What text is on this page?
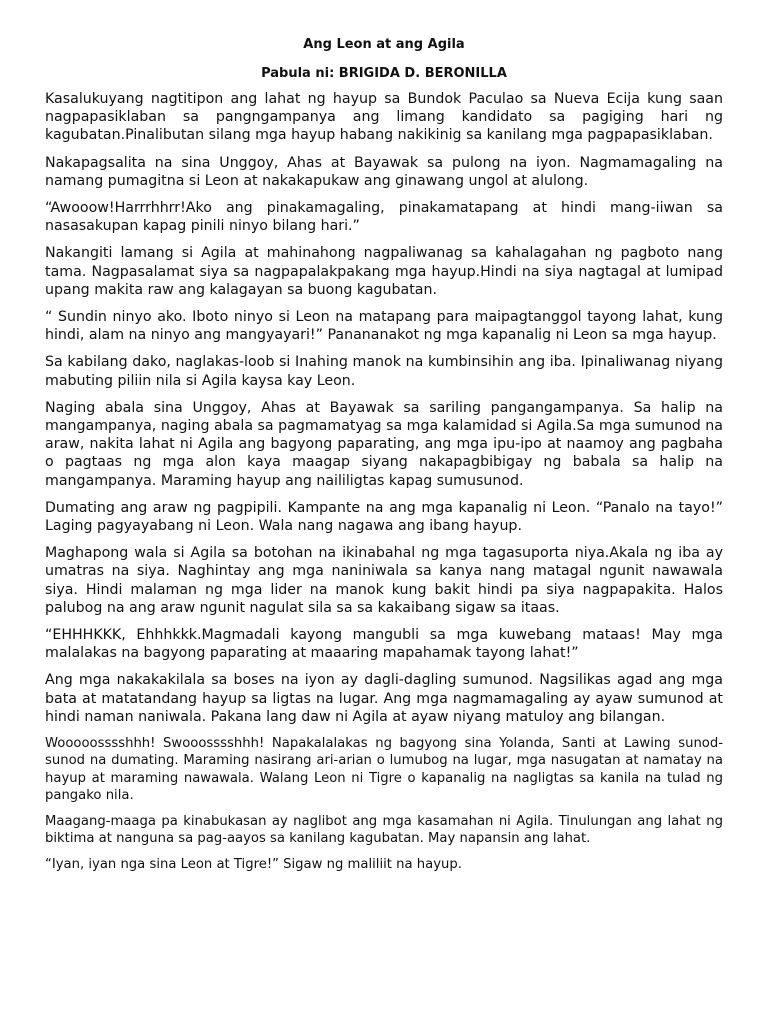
Ang Leon at ang Agila
Pabula ni: BRIGIDA D. BERONILLA

Kasalukuyang nagtitipon ang lahat ng hayup sa Bundok Paculao sa Nueva Ecija kung saan nagpapasiklaban sa pangngampanya ang limang kandidato sa pagiging hari ng kagubatan.Pinalibutan silang mga hayup habang nakikinig sa kanilang mga pagpapasiklaban.

Nakapagsalita na sina Unggoy, Ahas at Bayawak sa pulong na iyon. Nagmamagaling na namang pumagitna si Leon at nakakapukaw ang ginawang ungol at alulong.

“Awooow!Harrrhhrr!Ako ang pinakamagaling, pinakamatapang at hindi mang-iiwan sa nasasakupan kapag pinili ninyo bilang hari.”

Nakangiti lamang si Agila at mahinahong nagpaliwanag sa kahalagahan ng pagboto nang tama. Nagpasalamat siya sa nagpapalakpakang mga hayup.Hindi na siya nagtagal at lumipad upang makita raw ang kalagayan sa buong kagubatan.

“ Sundin ninyo ako. Iboto ninyo si Leon na matapang para maipagtanggol tayong lahat, kung hindi, alam na ninyo ang mangyayari!” Panananakot ng mga kapanalig ni Leon sa mga hayup.

Sa kabilang dako, naglakas-loob si Inahing manok na kumbinsihin ang iba. Ipinaliwanag niyang mabuting piliin nila si Agila kaysa kay Leon.

Naging abala sina Unggoy, Ahas at Bayawak sa sariling pangangampanya. Sa halip na mangampanya, naging abala sa pagmamatyag sa mga kalamidad si Agila.Sa mga sumunod na araw, nakita lahat ni Agila ang bagyong paparating, ang mga ipu-ipo at naamoy ang pagbaha o pagtaas ng mga alon kaya maagap siyang nakapagbibigay ng babala sa halip na mangampanya. Maraming hayup ang naililigtas kapag sumusunod.

Dumating ang araw ng pagpipili. Kampante na ang mga kapanalig ni Leon. “Panalo na tayo!” Laging pagyayabang ni Leon. Wala nang nagawa ang ibang hayup.

Maghapong wala si Agila sa botohan na ikinabahal ng mga tagasuporta niya.Akala ng iba ay umatras na siya. Naghintay ang mga naniniwala sa kanya nang matagal ngunit nawawala siya. Hindi malaman ng mga lider na manok kung bakit hindi pa siya nagpapakita. Halos palubog na ang araw ngunit nagulat sila sa sa kakaibang sigaw sa itaas.

“EHHHKKK, Ehhhkkk.Magmadali kayong mangubli sa mga kuwebang mataas! May mga malalakas na bagyong paparating at maaaring mapahamak tayong lahat!”

Ang mga nakakakilala sa boses na iyon ay dagli-dagling sumunod. Nagsilikas agad ang mga bata at matatandang hayup sa ligtas na lugar. Ang mga nagmamagaling ay ayaw sumunod at hindi naman naniwala. Pakana lang daw ni Agila at ayaw niyang matuloy ang bilangan.

Wooooosssshhh! Swooosssshhh! Napakalalakas ng bagyong sina Yolanda, Santi at Lawing sunod-sunod na dumating. Maraming nasirang ari-arian o lumubog na lugar, mga nasugatan at namatay na hayup at maraming nawawala. Walang Leon ni Tigre o kapanalig na nagligtas sa kanila na tulad ng pangako nila.

Maagang-maaga pa kinabukasan ay naglibot ang mga kasamahan ni Agila. Tinulungan ang lahat ng biktima at nanguna sa pag-aayos sa kanilang kagubatan. May napansin ang lahat.

“Iyan, iyan nga sina Leon at Tigre!” Sigaw ng maliliit na hayup.
